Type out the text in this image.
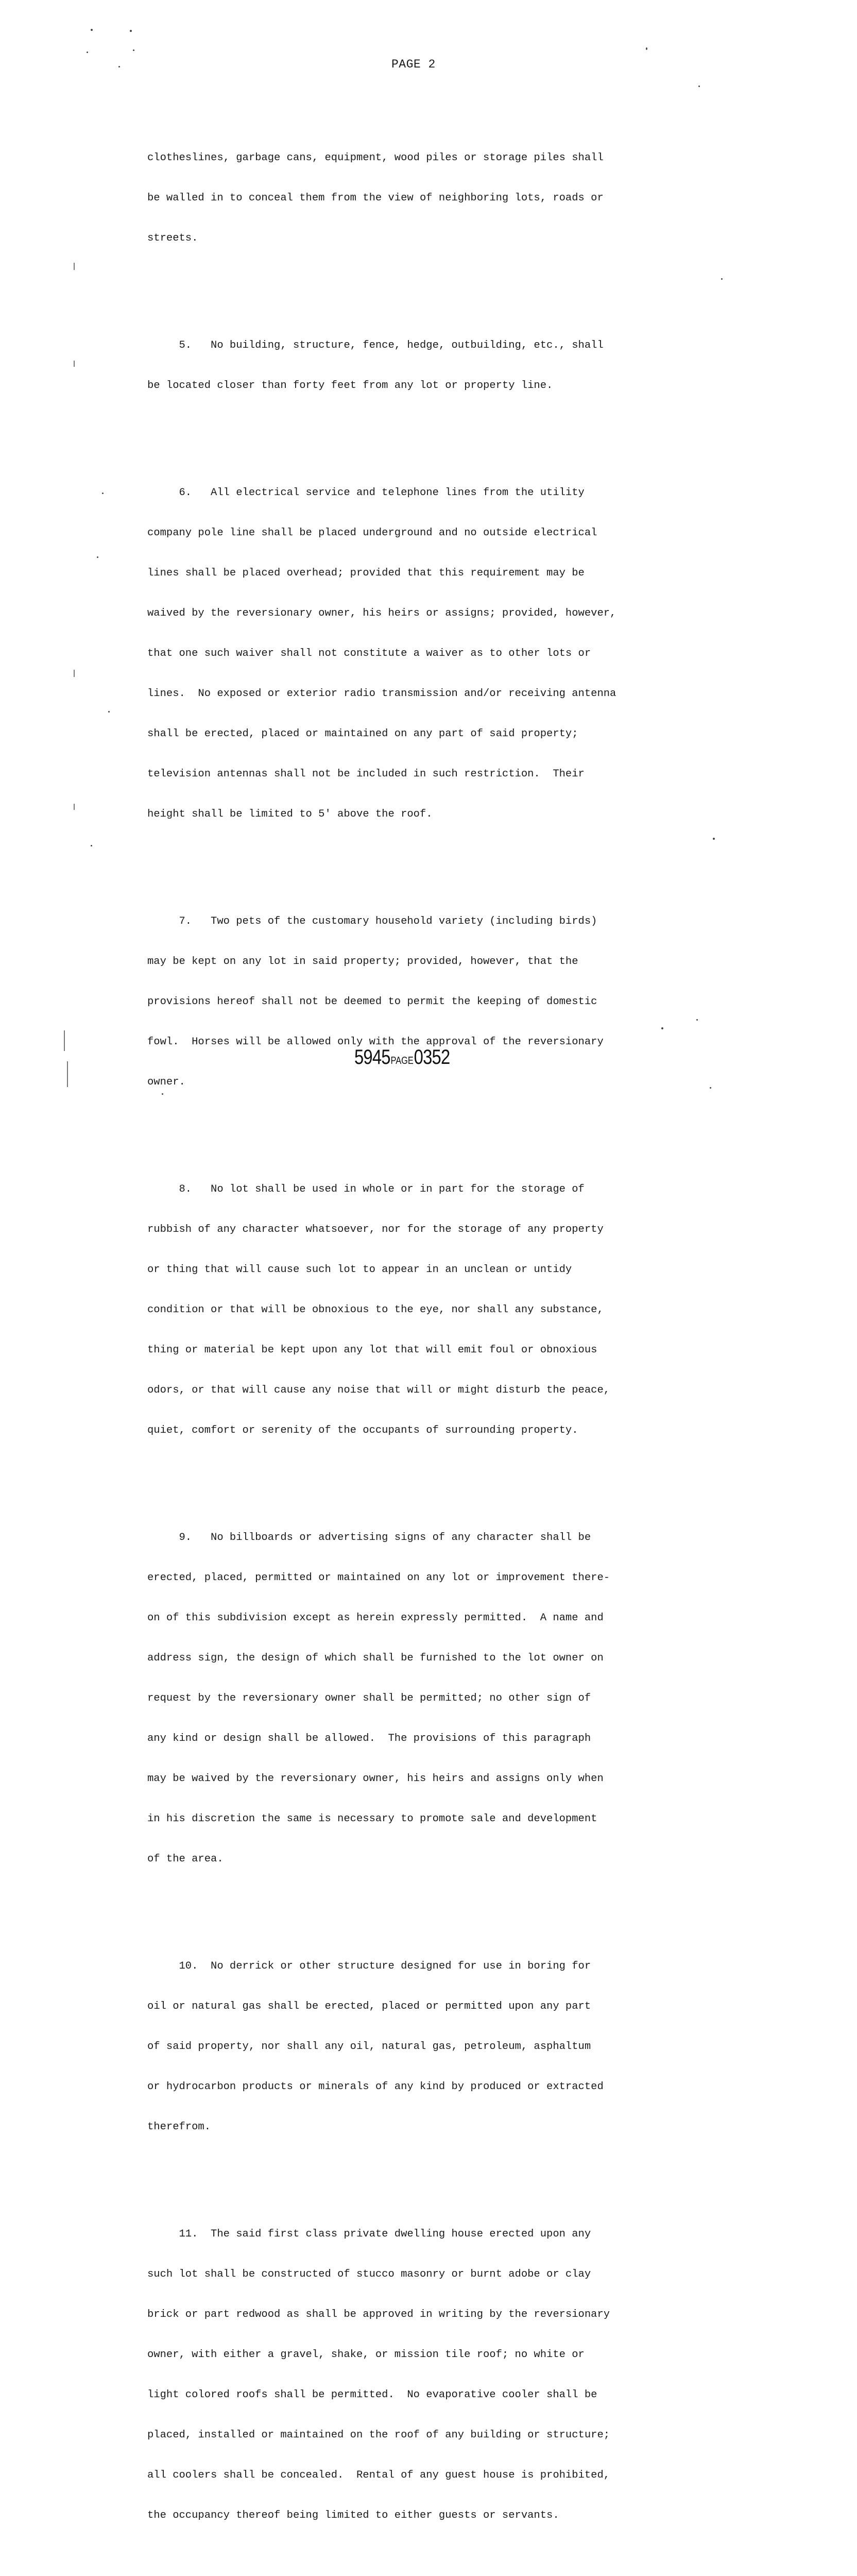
PAGE 2

clotheslines, garbage cans, equipment, wood piles or storage piles shall

be walled in to conceal them from the view of neighboring lots, roads or

streets.

5.   No building, structure, fence, hedge, outbuilding, etc., shall

be located closer than forty feet from any lot or property line.

6.   All electrical service and telephone lines from the utility

company pole line shall be placed underground and no outside electrical

lines shall be placed overhead; provided that this requirement may be

waived by the reversionary owner, his heirs or assigns; provided, however,

that one such waiver shall not constitute a waiver as to other lots or

lines.  No exposed or exterior radio transmission and/or receiving antenna

shall be erected, placed or maintained on any part of said property;

television antennas shall not be included in such restriction.  Their

height shall be limited to 5' above the roof.

7.   Two pets of the customary household variety (including birds)

may be kept on any lot in said property; provided, however, that the

provisions hereof shall not be deemed to permit the keeping of domestic

fowl.  Horses will be allowed only with the approval of the reversionary

owner.

8.   No lot shall be used in whole or in part for the storage of

rubbish of any character whatsoever, nor for the storage of any property

or thing that will cause such lot to appear in an unclean or untidy

condition or that will be obnoxious to the eye, nor shall any substance,

thing or material be kept upon any lot that will emit foul or obnoxious

odors, or that will cause any noise that will or might disturb the peace,

quiet, comfort or serenity of the occupants of surrounding property.

9.   No billboards or advertising signs of any character shall be

erected, placed, permitted or maintained on any lot or improvement there-

on of this subdivision except as herein expressly permitted.  A name and

address sign, the design of which shall be furnished to the lot owner on

request by the reversionary owner shall be permitted; no other sign of

any kind or design shall be allowed.  The provisions of this paragraph

may be waived by the reversionary owner, his heirs and assigns only when

in his discretion the same is necessary to promote sale and development

of the area.

10.  No derrick or other structure designed for use in boring for

oil or natural gas shall be erected, placed or permitted upon any part

of said property, nor shall any oil, natural gas, petroleum, asphaltum

or hydrocarbon products or minerals of any kind by produced or extracted

therefrom.

11.  The said first class private dwelling house erected upon any

such lot shall be constructed of stucco masonry or burnt adobe or clay

brick or part redwood as shall be approved in writing by the reversionary

owner, with either a gravel, shake, or mission tile roof; no white or

light colored roofs shall be permitted.  No evaporative cooler shall be

placed, installed or maintained on the roof of any building or structure;

all coolers shall be concealed.  Rental of any guest house is prohibited,

the occupancy thereof being limited to either guests or servants.

5945PAGE0352
